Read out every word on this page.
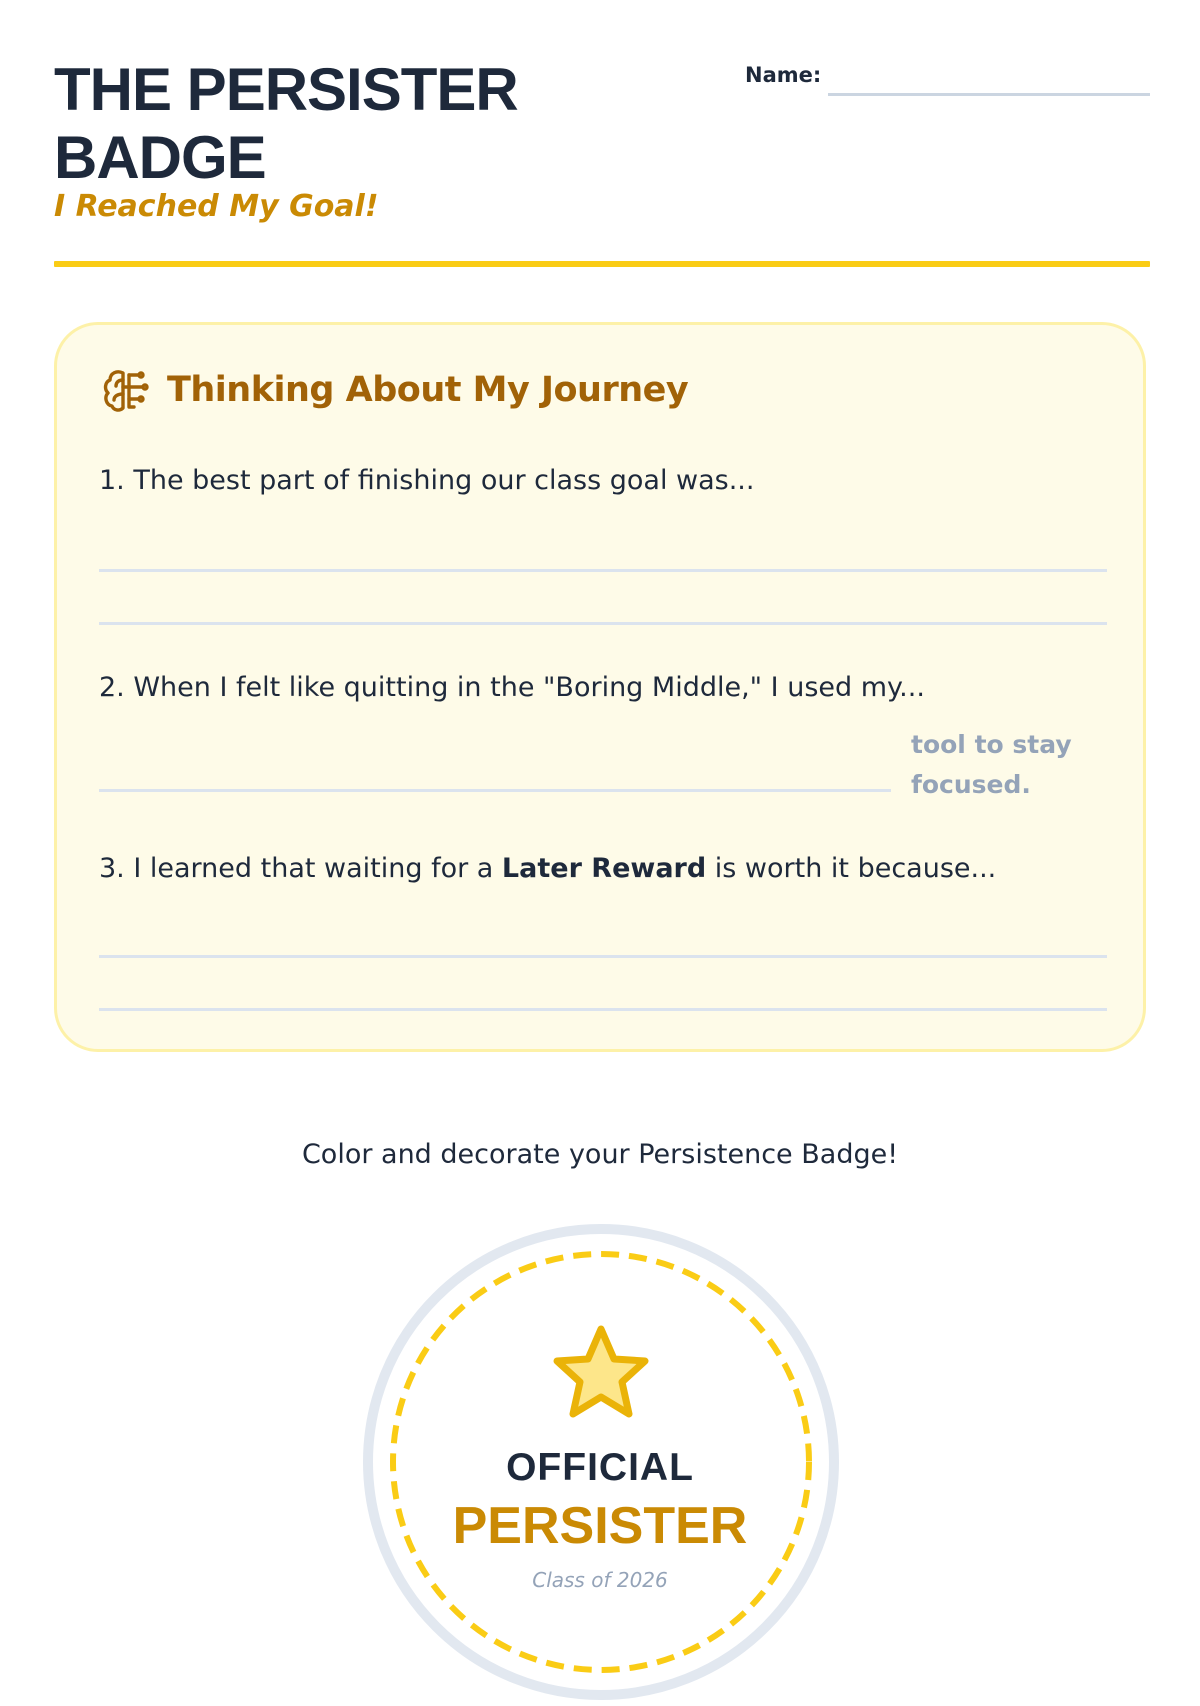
THE PERSISTER BADGE
I Reached My Goal!
Name:
Thinking About My Journey
1. The best part of finishing our class goal was...
2. When I felt like quitting in the "Boring Middle," I used my...
tool to stay focused.
3. I learned that waiting for a Later Reward is worth it because...
Color and decorate your Persistence Badge!
OFFICIAL
PERSISTER
Class of 2026
